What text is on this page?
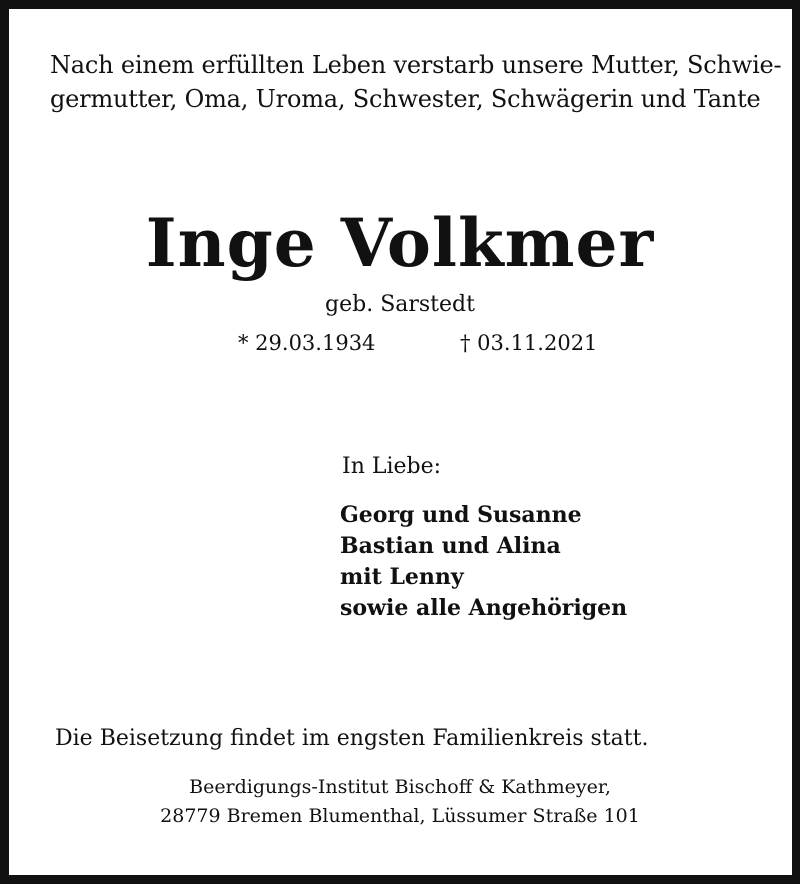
Nach einem erfüllten Leben verstarb unsere Mutter, Schwie-
germutter, Oma, Uroma, Schwester, Schwägerin und Tante
Inge Volkmer
geb. Sarstedt
* 29.03.1934	† 03.11.2021
In Liebe:
Georg und Susanne
Bastian und Alina
mit Lenny
sowie alle Angehörigen
Die Beisetzung findet im engsten Familienkreis statt.
Beerdigungs-Institut Bischoff & Kathmeyer,
28779 Bremen Blumenthal, Lüssumer Straße 101
